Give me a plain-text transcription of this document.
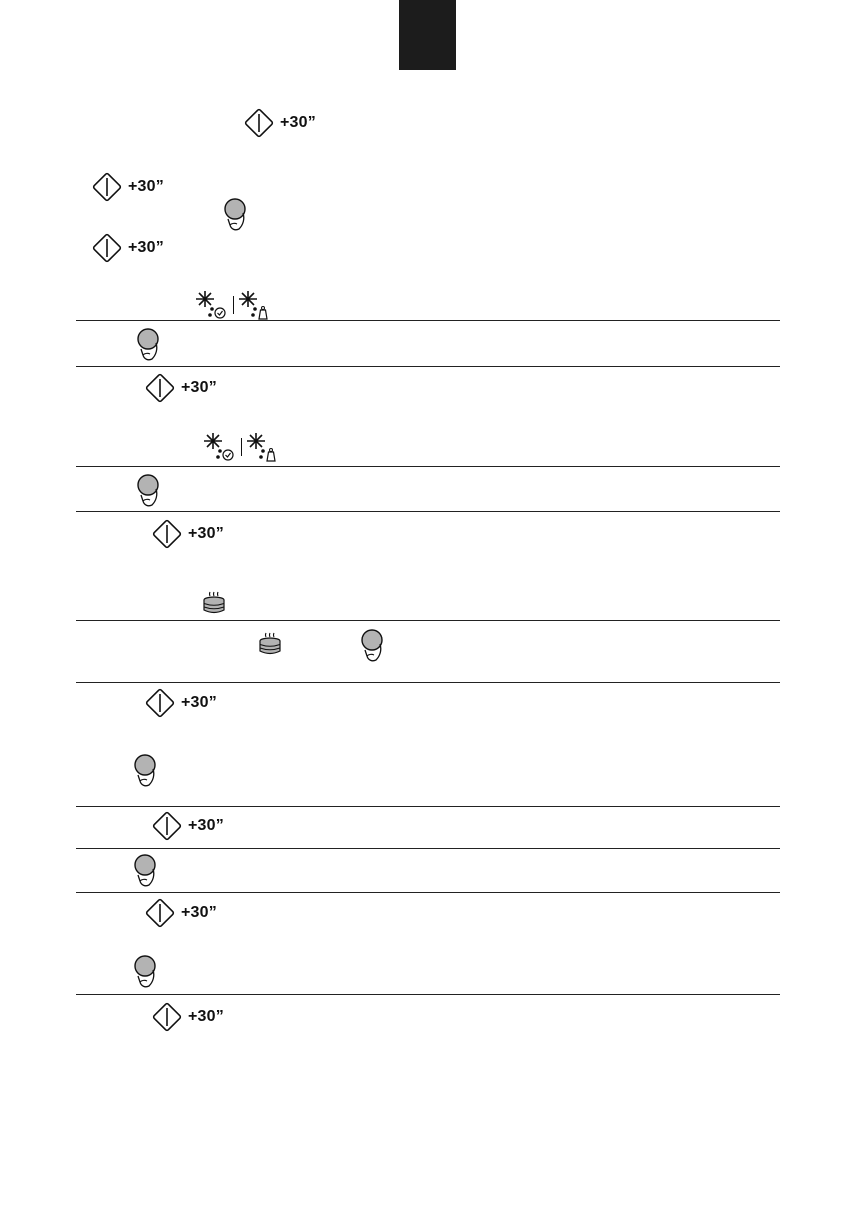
+30”
+30”
+30”
+30”
+30”
+30”
+30”
+30”
+30”
